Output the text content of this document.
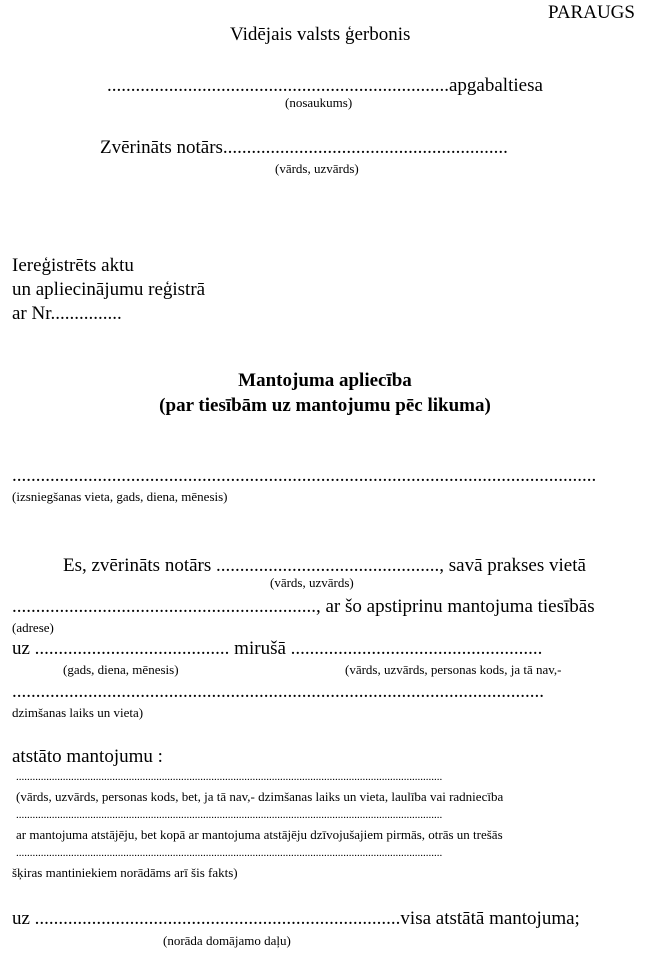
PARAUGS
Vidējais valsts ģerbonis
........................................................................apgabaltiesa
(nosaukums)
Zvērināts notārs............................................................
(vārds, uzvārds)
Iereģistrēts aktu
un apliecinājumu reģistrā
ar Nr...............
Mantojuma apliecība
(par tiesībām uz mantojumu pēc likuma)
...........................................................................................................................
(izsniegšanas vieta, gads, diena, mēnesis)
Es, zvērināts notārs ..............................................., savā prakses vietā
(vārds, uzvārds)
................................................................, ar šo apstiprinu mantojuma tiesībās
(adrese)
uz ......................................... mirušā .....................................................
(gads, diena, mēnesis)	(vārds, uzvārds, personas kods, ja tā nav,-
................................................................................................................
dzimšanas laiks un vieta)
atstāto mantojumu :
...........................................................................................................................................................
(vārds, uzvārds, personas kods, bet, ja tā nav,- dzimšanas laiks un vieta, laulība vai radniecība
...........................................................................................................................................................
ar mantojuma atstājēju, bet kopā ar mantojuma atstājēju dzīvojušajiem pirmās, otrās un trešās
...........................................................................................................................................................
šķiras mantiniekiem norādāms arī šis fakts)
uz .............................................................................visa atstātā mantojuma;
(norāda domājamo daļu)
